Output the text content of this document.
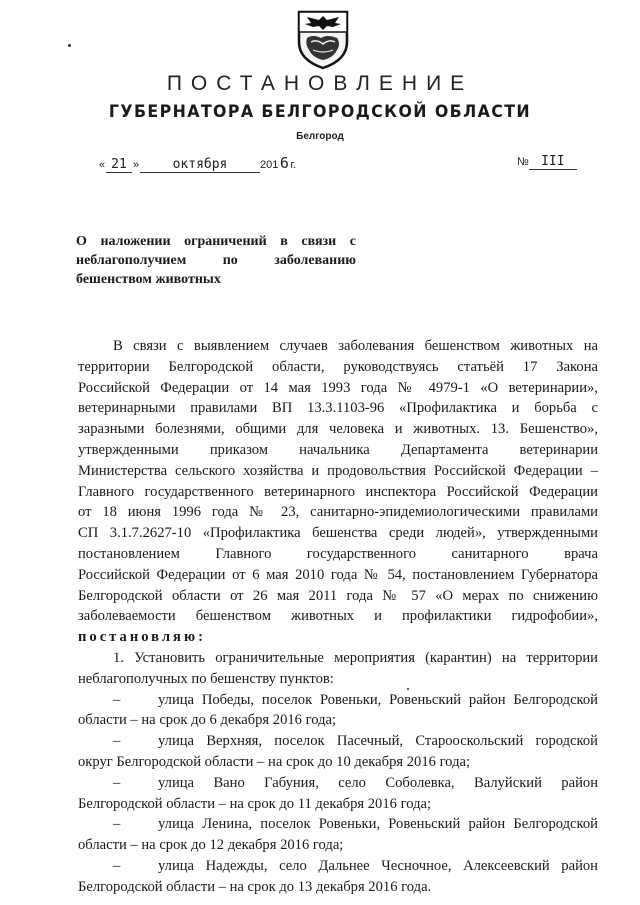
ПОСТАНОВЛЕНИЕ
ГУБЕРНАТОРА БЕЛГОРОДСКОЙ ОБЛАСТИ
Белгород
« 21 »	октября	2016г.	№ III
О наложении ограничений в связи с
неблагополучием по заболеванию
бешенством животных
В связи с выявлением случаев заболевания бешенством животных на
территории Белгородской области, руководствуясь статьёй 17 Закона
Российской Федерации от 14 мая 1993 года № 4979-1 «О ветеринарии»,
ветеринарными правилами ВП 13.3.1103-96 «Профилактика и борьба с
заразными болезнями, общими для человека и животных. 13. Бешенство»,
утвержденными приказом начальника Департамента ветеринарии
Министерства сельского хозяйства и продовольствия Российской Федерации –
Главного государственного ветеринарного инспектора Российской Федерации
от 18 июня 1996 года № 23, санитарно-эпидемиологическими правилами
СП 3.1.7.2627-10 «Профилактика бешенства среди людей», утвержденными
постановлением Главного государственного санитарного врача
Российской Федерации от 6 мая 2010 года № 54, постановлением Губернатора
Белгородской области от 26 мая 2011 года № 57 «О мерах по снижению
заболеваемости бешенством животных и профилактики гидрофобии»,
постановляю:
1. Установить ограничительные мероприятия (карантин) на территории
неблагополучных по бешенству пунктов:
–	улица Победы, поселок Ровеньки, Ровеньский район Белгородской
области – на срок до 6 декабря 2016 года;
–	улица Верхняя, поселок Пасечный, Старооскольский городской
округ Белгородской области – на срок до 10 декабря 2016 года;
–	улица Вано Габуния, село Соболевка, Валуйский район
Белгородской области – на срок до 11 декабря 2016 года;
–	улица Ленина, поселок Ровеньки, Ровеньский район Белгородской
области – на срок до 12 декабря 2016 года;
–	улица Надежды, село Дальнее Чесночное, Алексеевский район
Белгородской области – на срок до 13 декабря 2016 года.
